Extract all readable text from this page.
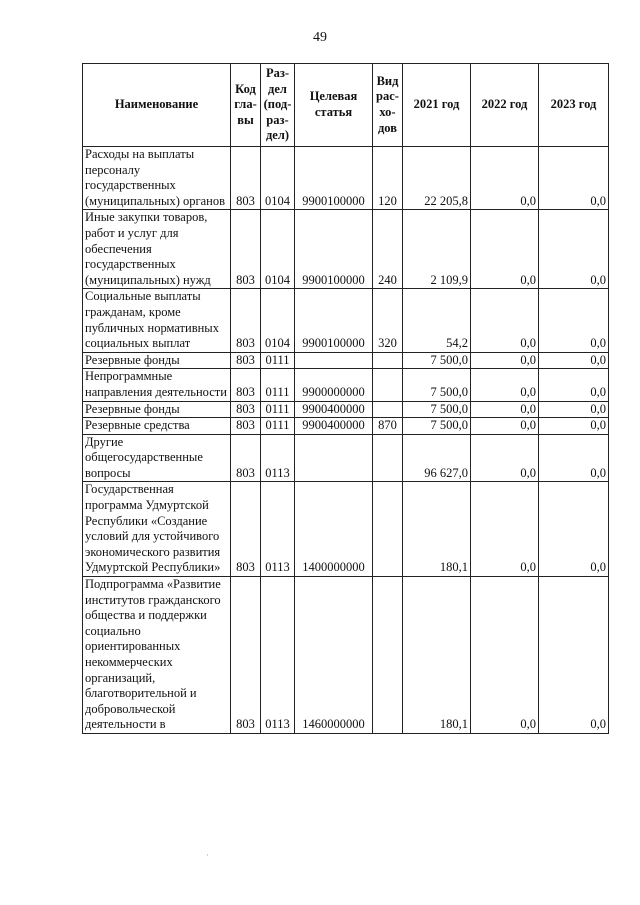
49
Наименование	Код гла- вы	Раз- дел (под- раз- дел)	Целевая статья	Вид рас- хо- дов	2021 год	2022 год	2023 год
Расходы на выплаты персоналу государственных (муниципальных) органов	803	0104	9900100000	120	22 205,8	0,0	0,0
Иные закупки товаров, работ и услуг для обеспечения государственных (муниципальных) нужд	803	0104	9900100000	240	2 109,9	0,0	0,0
Социальные выплаты гражданам, кроме публичных нормативных социальных выплат	803	0104	9900100000	320	54,2	0,0	0,0
Резервные фонды	803	0111			7 500,0	0,0	0,0
Непрограммные направления деятельности	803	0111	9900000000		7 500,0	0,0	0,0
Резервные фонды	803	0111	9900400000		7 500,0	0,0	0,0
Резервные средства	803	0111	9900400000	870	7 500,0	0,0	0,0
Другие общегосударственные вопросы	803	0113			96 627,0	0,0	0,0
Государственная программа Удмуртской Республики «Создание условий для устойчивого экономического развития Удмуртской Республики»	803	0113	1400000000		180,1	0,0	0,0
Подпрограмма «Развитие институтов гражданского общества и поддержки социально ориентированных некоммерческих организаций, благотворительной и добровольческой деятельности в	803	0113	1460000000		180,1	0,0	0,0
·
